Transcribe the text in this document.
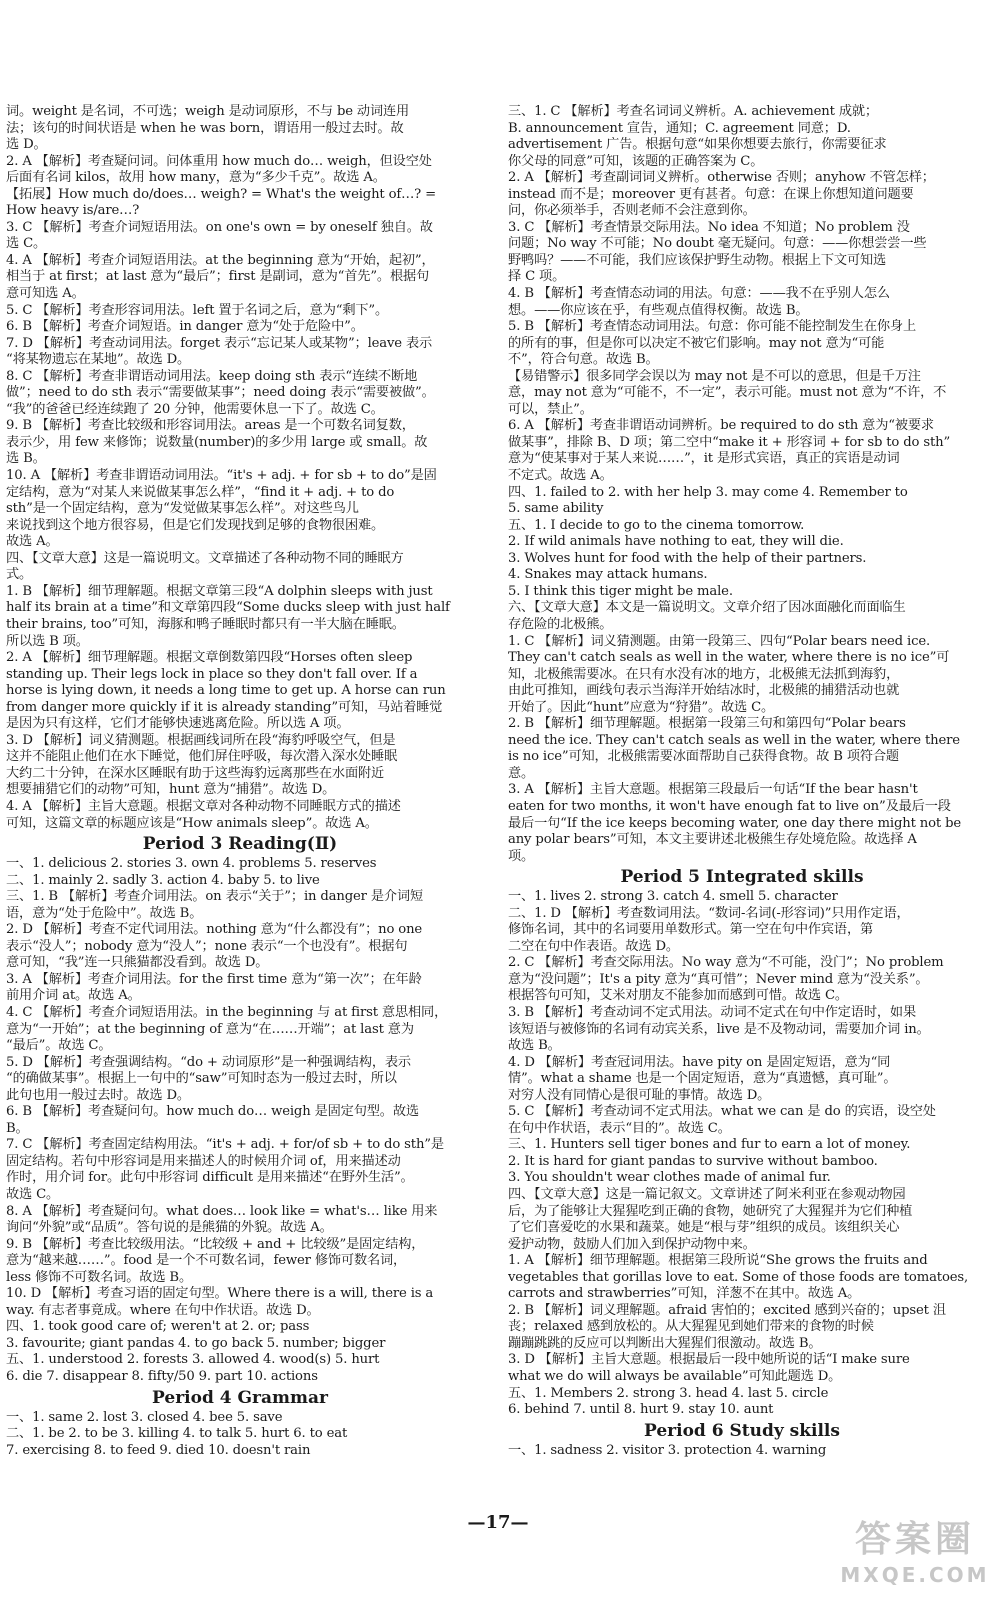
词。weight 是名词，不可选；weigh 是动词原形，不与 be 动词连用
法；该句的时间状语是 when he was born，谓语用一般过去时。故
选 D。
2. A 【解析】考查疑问词。问体重用 how much do… weigh，但设空处
后面有名词 kilos，故用 how many，意为“多少千克”。故选 A。
【拓展】How much do/does… weigh? = What's the weight of…? =
How heavy is/are…?
3. C 【解析】考查介词短语用法。on one's own = by oneself 独自。故
选 C。
4. A 【解析】考查介词短语用法。at the beginning 意为“开始，起初”，
相当于 at first；at last 意为“最后”；first 是副词，意为“首先”。根据句
意可知选 A。
5. C 【解析】考查形容词用法。left 置于名词之后，意为“剩下”。
6. B 【解析】考查介词短语。in danger 意为“处于危险中”。
7. D 【解析】考查动词用法。forget 表示“忘记某人或某物”；leave 表示
“将某物遗忘在某地”。故选 D。
8. C 【解析】考查非谓语动词用法。keep doing sth 表示“连续不断地
做”；need to do sth 表示“需要做某事”；need doing 表示“需要被做”。
“我”的爸爸已经连续跑了 20 分钟，他需要休息一下了。故选 C。
9. B 【解析】考查比较级和形容词用法。areas 是一个可数名词复数，
表示少，用 few 来修饰；说数量(number)的多少用 large 或 small。故
选 B。
10. A 【解析】考查非谓语动词用法。“it's + adj. + for sb + to do”是固
定结构，意为“对某人来说做某事怎么样”，“find it + adj. + to do
sth”是一个固定结构，意为“发觉做某事怎么样”。对这些鸟儿
来说找到这个地方很容易，但是它们发现找到足够的食物很困难。
故选 A。
四、【文章大意】这是一篇说明文。文章描述了各种动物不同的睡眠方
式。
1. B 【解析】细节理解题。根据文章第三段“A dolphin sleeps with just
half its brain at a time”和文章第四段“Some ducks sleep with just half
their brains, too”可知，海豚和鸭子睡眠时都只有一半大脑在睡眠。
所以选 B 项。
2. A 【解析】细节理解题。根据文章倒数第四段“Horses often sleep
standing up. Their legs lock in place so they don't fall over. If a
horse is lying down, it needs a long time to get up. A horse can run
from danger more quickly if it is already standing”可知，马站着睡觉
是因为只有这样，它们才能够快速逃离危险。所以选 A 项。
3. D 【解析】词义猜测题。根据画线词所在段“海豹呼吸空气，但是
这并不能阻止他们在水下睡觉，他们屏住呼吸，每次潜入深水处睡眠
大约二十分钟，在深水区睡眠有助于这些海豹远离那些在水面附近
想要捕猎它们的动物”可知，hunt 意为“捕猎”。故选 D。
4. A 【解析】主旨大意题。根据文章对各种动物不同睡眠方式的描述
可知，这篇文章的标题应该是“How animals sleep”。故选 A。
Period 3 Reading(Ⅱ)
一、1. delicious 2. stories 3. own 4. problems 5. reserves
二、1. mainly 2. sadly 3. action 4. baby 5. to live
三、1. B 【解析】考查介词用法。on 表示“关于”；in danger 是介词短
语，意为“处于危险中”。故选 B。
2. D 【解析】考查不定代词用法。nothing 意为“什么都没有”；no one
表示“没人”；nobody 意为“没人”；none 表示“一个也没有”。根据句
意可知，“我”连一只熊猫都没看到。故选 D。
3. A 【解析】考查介词用法。for the first time 意为“第一次”；在年龄
前用介词 at。故选 A。
4. C 【解析】考查介词短语用法。in the beginning 与 at first 意思相同，
意为“一开始”；at the beginning of 意为“在……开端”；at last 意为
“最后”。故选 C。
5. D 【解析】考查强调结构。“do + 动词原形”是一种强调结构，表示
“的确做某事”。根据上一句中的“saw”可知时态为一般过去时，所以
此句也用一般过去时。故选 D。
6. B 【解析】考查疑问句。how much do… weigh 是固定句型。故选
B。
7. C 【解析】考查固定结构用法。“it's + adj. + for/of sb + to do sth”是
固定结构。若句中形容词是用来描述人的时候用介词 of，用来描述动
作时，用介词 for。此句中形容词 difficult 是用来描述“在野外生活”。
故选 C。
8. A 【解析】考查疑问句。what does… look like = what's… like 用来
询问“外貌”或“品质”。答句说的是熊猫的外貌。故选 A。
9. B 【解析】考查比较级用法。“比较级 + and + 比较级”是固定结构，
意为“越来越……”。food 是一个不可数名词，fewer 修饰可数名词，
less 修饰不可数名词。故选 B。
10. D 【解析】考查习语的固定句型。Where there is a will, there is a
way. 有志者事竟成。where 在句中作状语。故选 D。
四、1. took good care of; weren't at 2. or; pass
3. favourite; giant pandas 4. to go back 5. number; bigger
五、1. understood 2. forests 3. allowed 4. wood(s) 5. hurt
6. die 7. disappear 8. fifty/50 9. part 10. actions
Period 4 Grammar
一、1. same 2. lost 3. closed 4. bee 5. save
二、1. be 2. to be 3. killing 4. to talk 5. hurt 6. to eat
7. exercising 8. to feed 9. died 10. doesn't rain
三、1. C 【解析】考查名词词义辨析。A. achievement 成就；
B. announcement 宣告，通知；C. agreement 同意；D.
advertisement 广告。根据句意“如果你想要去旅行，你需要征求
你父母的同意”可知，该题的正确答案为 C。
2. A 【解析】考查副词词义辨析。otherwise 否则；anyhow 不管怎样；
instead 而不是；moreover 更有甚者。句意：在课上你想知道问题要
问，你必须举手，否则老师不会注意到你。
3. C 【解析】考查情景交际用法。No idea 不知道；No problem 没
问题；No way 不可能；No doubt 毫无疑问。句意：——你想尝尝一些
野鸭吗？——不可能，我们应该保护野生动物。根据上下文可知选
择 C 项。
4. B 【解析】考查情态动词的用法。句意：——我不在乎别人怎么
想。——你应该在乎，有些观点值得权衡。故选 B。
5. B 【解析】考查情态动词用法。句意：你可能不能控制发生在你身上
的所有的事，但是你可以决定不被它们影响。may not 意为“可能
不”，符合句意。故选 B。
【易错警示】很多同学会误以为 may not 是不可以的意思，但是千万注
意，may not 意为“可能不，不一定”，表示可能。must not 意为“不许，不
可以，禁止”。
6. A 【解析】考查非谓语动词辨析。be required to do sth 意为“被要求
做某事”，排除 B、D 项；第二空中“make it + 形容词 + for sb to do sth”
意为“使某事对于某人来说……”，it 是形式宾语，真正的宾语是动词
不定式。故选 A。
四、1. failed to 2. with her help 3. may come 4. Remember to
5. same ability
五、1. I decide to go to the cinema tomorrow.
2. If wild animals have nothing to eat, they will die.
3. Wolves hunt for food with the help of their partners.
4. Snakes may attack humans.
5. I think this tiger might be male.
六、【文章大意】本文是一篇说明文。文章介绍了因冰面融化而面临生
存危险的北极熊。
1. C 【解析】词义猜测题。由第一段第三、四句“Polar bears need ice.
They can't catch seals as well in the water, where there is no ice”可
知，北极熊需要冰。在只有水没有冰的地方，北极熊无法抓到海豹，
由此可推知，画线句表示当海洋开始结冰时，北极熊的捕猎活动也就
开始了。因此“hunt”应意为“狩猎”。故选 C。
2. B 【解析】细节理解题。根据第一段第三句和第四句“Polar bears
need the ice. They can't catch seals as well in the water, where there
is no ice”可知，北极熊需要冰面帮助自己获得食物。故 B 项符合题
意。
3. A 【解析】主旨大意题。根据第三段最后一句话“If the bear hasn't
eaten for two months, it won't have enough fat to live on”及最后一段
最后一句“If the ice keeps becoming water, one day there might not be
any polar bears”可知，本文主要讲述北极熊生存处境危险。故选择 A
项。
Period 5 Integrated skills
一、1. lives 2. strong 3. catch 4. smell 5. character
二、1. D 【解析】考查数词用法。“数词-名词(-形容词)”只用作定语，
修饰名词，其中的名词要用单数形式。第一空在句中作宾语，第
二空在句中作表语。故选 D。
2. C 【解析】考查交际用法。No way 意为“不可能，没门”；No problem
意为“没问题”；It's a pity 意为“真可惜”；Never mind 意为“没关系”。
根据答句可知，艾米对朋友不能参加而感到可惜。故选 C。
3. B 【解析】考查动词不定式用法。动词不定式在句中作定语时，如果
该短语与被修饰的名词有动宾关系，live 是不及物动词，需要加介词 in。
故选 B。
4. D 【解析】考查冠词用法。have pity on 是固定短语，意为“同
情”。what a shame 也是一个固定短语，意为“真遗憾，真可耻”。
对穷人没有同情心是很可耻的事情。故选 D。
5. C 【解析】考查动词不定式用法。what we can 是 do 的宾语，设空处
在句中作状语，表示“目的”。故选 C。
三、1. Hunters sell tiger bones and fur to earn a lot of money.
2. It is hard for giant pandas to survive without bamboo.
3. You shouldn't wear clothes made of animal fur.
四、【文章大意】这是一篇记叙文。文章讲述了阿米利亚在参观动物园
后，为了能够让大猩猩吃到正确的食物，她研究了大猩猩并为它们种植
了它们喜爱吃的水果和蔬菜。她是“根与芽”组织的成员。该组织关心
爱护动物，鼓励人们加入到保护动物中来。
1. A 【解析】细节理解题。根据第三段所说“She grows the fruits and
vegetables that gorillas love to eat. Some of those foods are tomatoes,
carrots and strawberries”可知，洋葱不在其中。故选 A。
2. B 【解析】词义理解题。afraid 害怕的；excited 感到兴奋的；upset 沮
丧；relaxed 感到放松的。从大猩猩见到她们带来的食物的时候
蹦蹦跳跳的反应可以判断出大猩猩们很激动。故选 B。
3. D 【解析】主旨大意题。根据最后一段中她所说的话“I make sure
what we do will always be available”可知此题选 D。
五、1. Members 2. strong 3. head 4. last 5. circle
6. behind 7. until 8. hurt 9. stay 10. aunt
Period 6 Study skills
一、1. sadness 2. visitor 3. protection 4. warning
—17—	答案圈
MXQE.COM
